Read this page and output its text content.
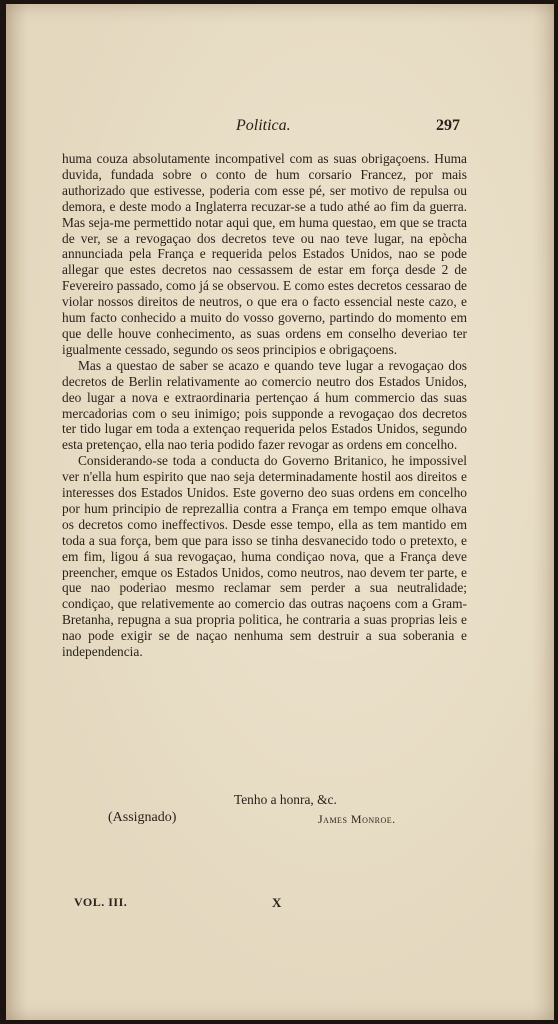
Politica.	297

huma couza absolutamente incompativel com as suas obrigaçoens. Huma duvida, fundada sobre o conto de hum corsario Francez, por mais authorizado que estivesse, poderia com esse pé, ser motivo de repulsa ou demora, e deste modo a Inglaterra recuzar-se a tudo athé ao fim da guerra. Mas seja-me permettido notar aqui que, em huma questao, em que se tracta de ver, se a revogaçao dos decretos teve ou nao teve lugar, na epòcha annunciada pela França e requerida pelos Estados Unidos, nao se pode allegar que estes decretos nao cessassem de estar em força desde 2 de Fevereiro passado, como já se observou. E como estes decretos cessarao de violar nossos direitos de neutros, o que era o facto essencial neste cazo, e hum facto conhecido a muito do vosso governo, partindo do momento em que delle houve conhecimento, as suas ordens em conselho deveriao ter igualmente cessado, segundo os seos principios e obrigaçoens.

Mas a questao de saber se acazo e quando teve lugar a revogaçao dos decretos de Berlin relativamente ao comercio neutro dos Estados Unidos, deo lugar a nova e extraordinaria pertençao á hum commercio das suas mercadorias com o seu inimigo; pois supponde a revogaçao dos decretos ter tido lugar em toda a extençao requerida pelos Estados Unidos, segundo esta pretençao, ella nao teria podido fazer revogar as ordens em concelho.

Considerando-se toda a conducta do Governo Britanico, he impossivel ver n'ella hum espirito que nao seja determinadamente hostil aos direitos e interesses dos Estados Unidos. Este governo deo suas ordens em concelho por hum principio de reprezallia contra a França em tempo emque olhava os decretos como ineffectivos. Desde esse tempo, ella as tem mantido em toda a sua força, bem que para isso se tinha desvanecido todo o pretexto, e em fim, ligou á sua revogaçao, huma condiçao nova, que a França deve preencher, emque os Estados Unidos, como neutros, nao devem ter parte, e que nao poderiao mesmo reclamar sem perder a sua neutralidade; condiçao, que relativemente ao comercio das outras naçoens com a Gram-Bretanha, repugna a sua propria politica, he contraria a suas proprias leis e nao pode exigir se de naçao nenhuma sem destruir a sua soberania e independencia.

Tenho a honra, &c.
(Assignado)	James Monroe.
VOL. III.	X
